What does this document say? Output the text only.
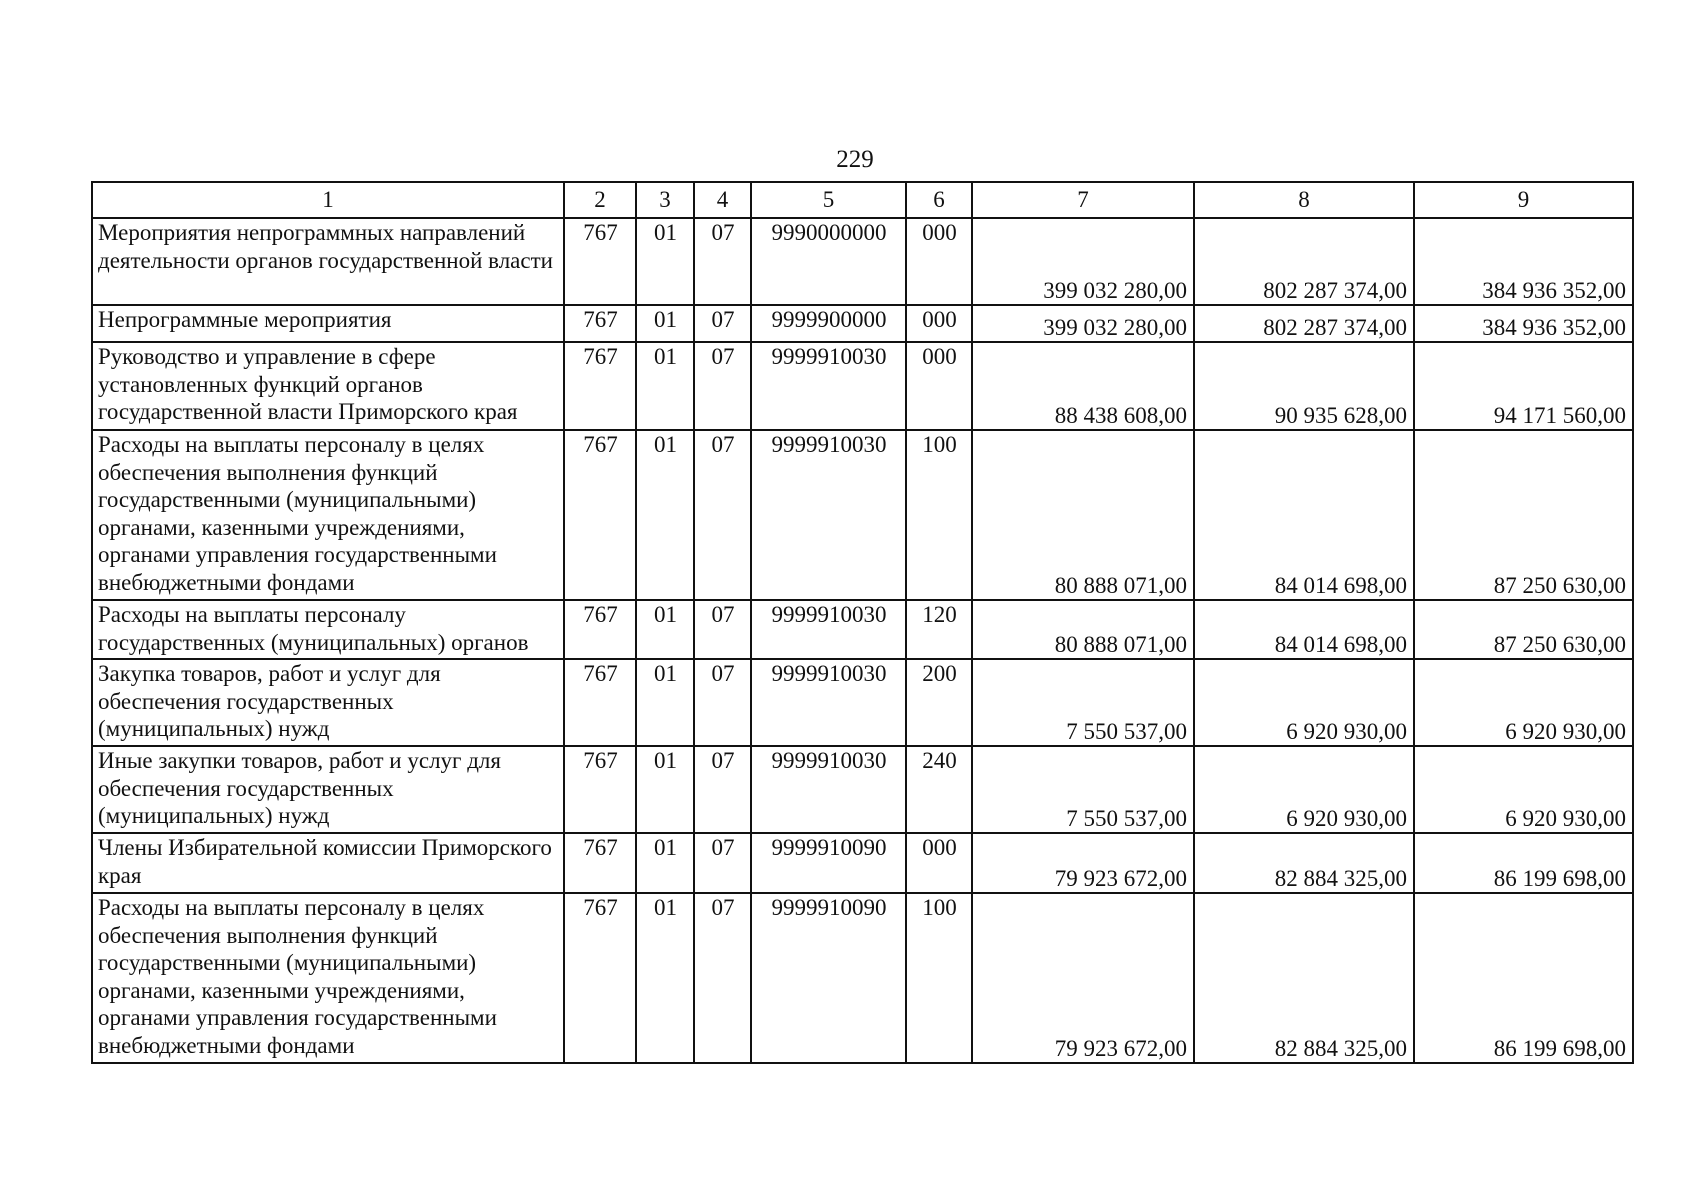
229
1	2	3	4	5	6	7	8	9
Мероприятия непрограммных направлений деятельности органов государственной власти	767	01	07	9990000000	000	399 032 280,00	802 287 374,00	384 936 352,00
Непрограммные мероприятия	767	01	07	9999900000	000	399 032 280,00	802 287 374,00	384 936 352,00
Руководство и управление в сфере установленных функций органов государственной власти Приморского края	767	01	07	9999910030	000	88 438 608,00	90 935 628,00	94 171 560,00
Расходы на выплаты персоналу в целях обеспечения выполнения функций государственными (муниципальными) органами, казенными учреждениями, органами управления государственными внебюджетными фондами	767	01	07	9999910030	100	80 888 071,00	84 014 698,00	87 250 630,00
Расходы на выплаты персоналу государственных (муниципальных) органов	767	01	07	9999910030	120	80 888 071,00	84 014 698,00	87 250 630,00
Закупка товаров, работ и услуг для обеспечения государственных (муниципальных) нужд	767	01	07	9999910030	200	7 550 537,00	6 920 930,00	6 920 930,00
Иные закупки товаров, работ и услуг для обеспечения государственных (муниципальных) нужд	767	01	07	9999910030	240	7 550 537,00	6 920 930,00	6 920 930,00
Члены Избирательной комиссии Приморского края	767	01	07	9999910090	000	79 923 672,00	82 884 325,00	86 199 698,00
Расходы на выплаты персоналу в целях обеспечения выполнения функций государственными (муниципальными) органами, казенными учреждениями, органами управления государственными внебюджетными фондами	767	01	07	9999910090	100	79 923 672,00	82 884 325,00	86 199 698,00
